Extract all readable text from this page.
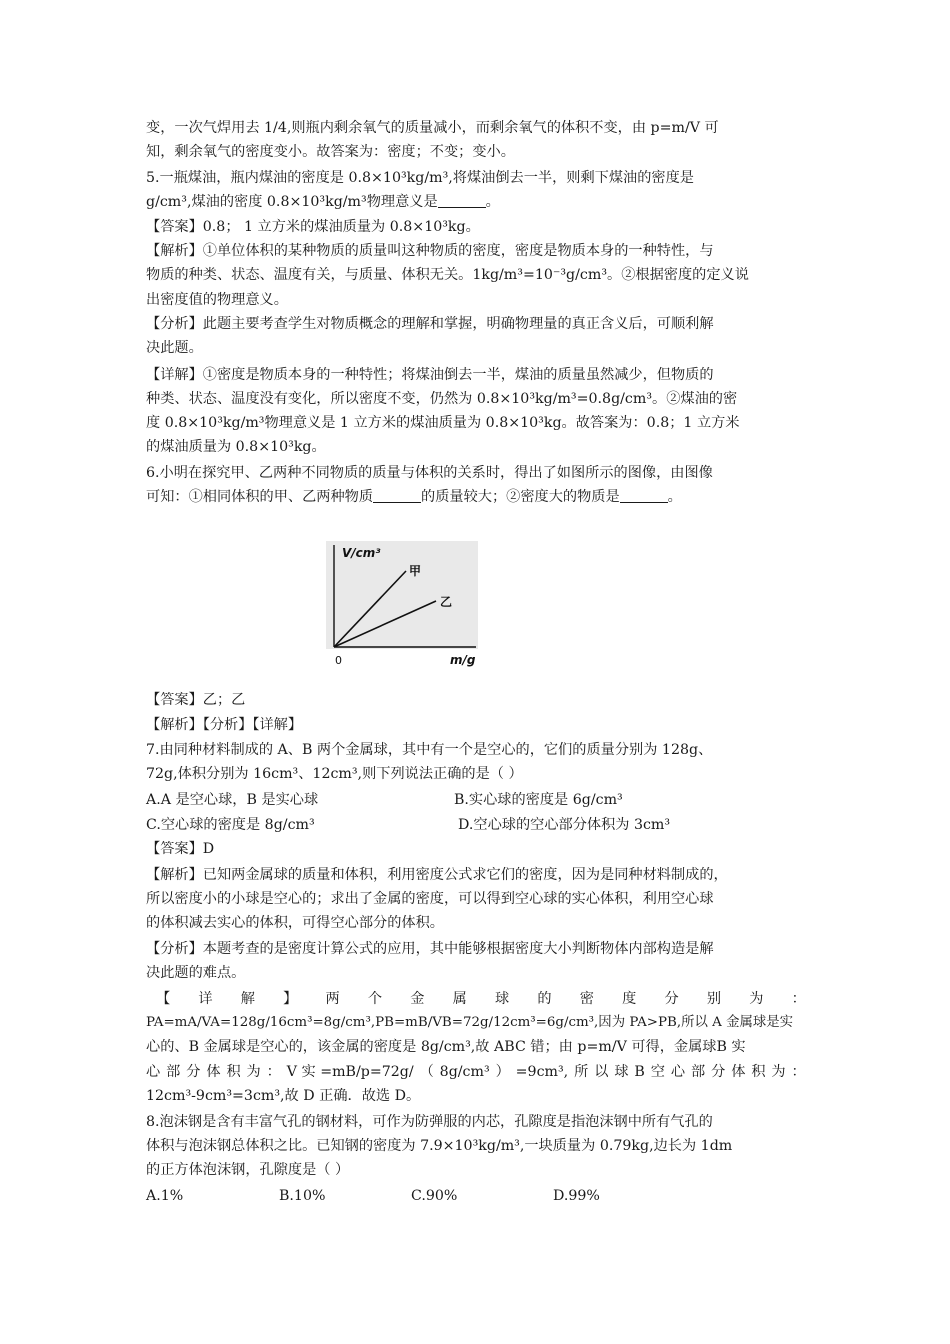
变，一次气焊用去 1/4,则瓶内剩余氧气的质量减小，而剩余氧气的体积不变，由 p=m/V 可
知，剩余氧气的密度变小。故答案为：密度；不变；变小。
5.一瓶煤油，瓶内煤油的密度是 0.8×10³kg/m³,将煤油倒去一半，则剩下煤油的密度是
g/cm³,煤油的密度 0.8×10³kg/m³物理意义是	。
【答案】0.8； 1 立方米的煤油质量为 0.8×10³kg。
【解析】①单位体积的某种物质的质量叫这种物质的密度，密度是物质本身的一种特性，与
物质的种类、状态、温度有关，与质量、体积无关。1kg/m³=10⁻³g/cm³。②根据密度的定义说
出密度值的物理意义。
【分析】此题主要考查学生对物质概念的理解和掌握，明确物理量的真正含义后，可顺利解
决此题。
【详解】①密度是物质本身的一种特性；将煤油倒去一半，煤油的质量虽然减少，但物质的
种类、状态、温度没有变化，所以密度不变，仍然为 0.8×10³kg/m³=0.8g/cm³。②煤油的密
度 0.8×10³kg/m³物理意义是 1 立方米的煤油质量为 0.8×10³kg。故答案为：0.8；1 立方米
的煤油质量为 0.8×10³kg。
6.小明在探究甲、乙两种不同物质的质量与体积的关系时，得出了如图所示的图像，由图像
可知：①相同体积的甲、乙两种物质	的质量较大；②密度大的物质是	。
V/cm³
甲
乙
0	m/g
【答案】乙；乙
【解析】【分析】【详解】
7.由同种材料制成的 A、B 两个金属球，其中有一个是空心的，它们的质量分别为 128g、
72g,体积分别为 16cm³、12cm³,则下列说法正确的是（ ）
A.A 是空心球，B 是实心球	B.实心球的密度是 6g/cm³
C.空心球的密度是 8g/cm³	D.空心球的空心部分体积为 3cm³
【答案】D
【解析】已知两金属球的质量和体积，利用密度公式求它们的密度，因为是同种材料制成的，
所以密度小的小球是空心的；求出了金属的密度，可以得到空心球的实心体积，利用空心球
的体积减去实心的体积，可得空心部分的体积。
【分析】本题考查的是密度计算公式的应用，其中能够根据密度大小判断物体内部构造是解
决此题的难点。
【 详 解 】 两 个 金 属 球 的 密 度 分 别 为 ：
PA=mA/VA=128g/16cm³=8g/cm³,PB=mB/VB=72g/12cm³=6g/cm³,因为 PA>PB,所以 A 金属球是实
心的、B 金属球是空心的，该金属的密度是 8g/cm³,故 ABC 错；由 p=m/V 可得，金属球B 实
心 部 分 体 积 为 ： V 实 =mB/p=72g/ （ 8g/cm³ ） =9cm³, 所 以 球 B 空 心 部 分 体 积 为 ：
12cm³-9cm³=3cm³,故 D 正确．故选 D。
8.泡沫钢是含有丰富气孔的钢材料，可作为防弹服的内芯，孔隙度是指泡沫钢中所有气孔的
体积与泡沫钢总体积之比。已知钢的密度为 7.9×10³kg/m³,一块质量为 0.79kg,边长为 1dm
的正方体泡沫钢，孔隙度是（ ）
A.1%	B.10%	C.90%	D.99%
